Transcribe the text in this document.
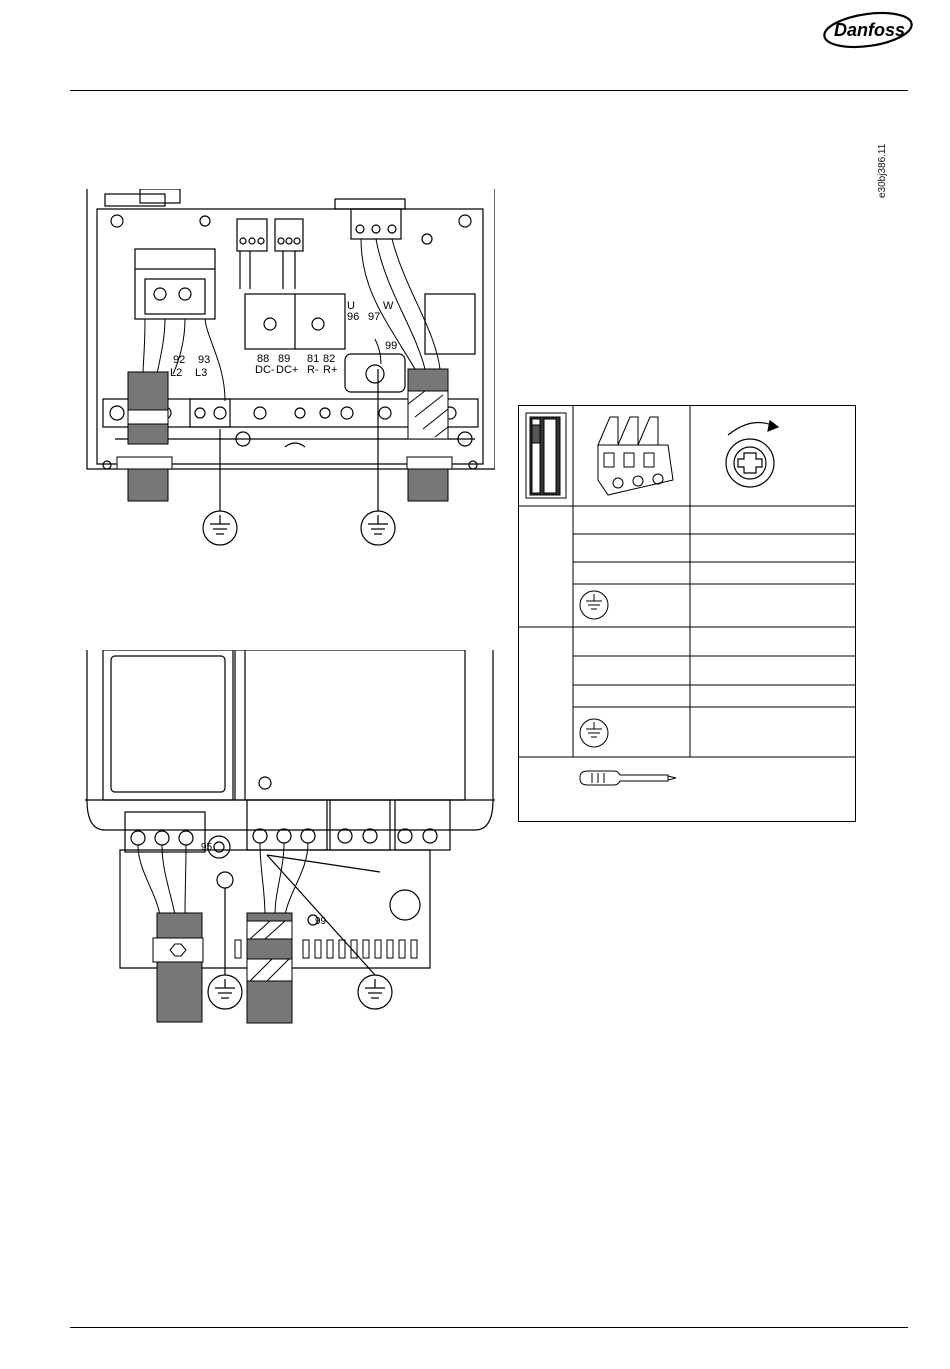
Danfoss
e30bj386.11
92 93
L2 L3
88 89
DC- DC+
81 82
R- R+
U	W
96 97
99
95
99
